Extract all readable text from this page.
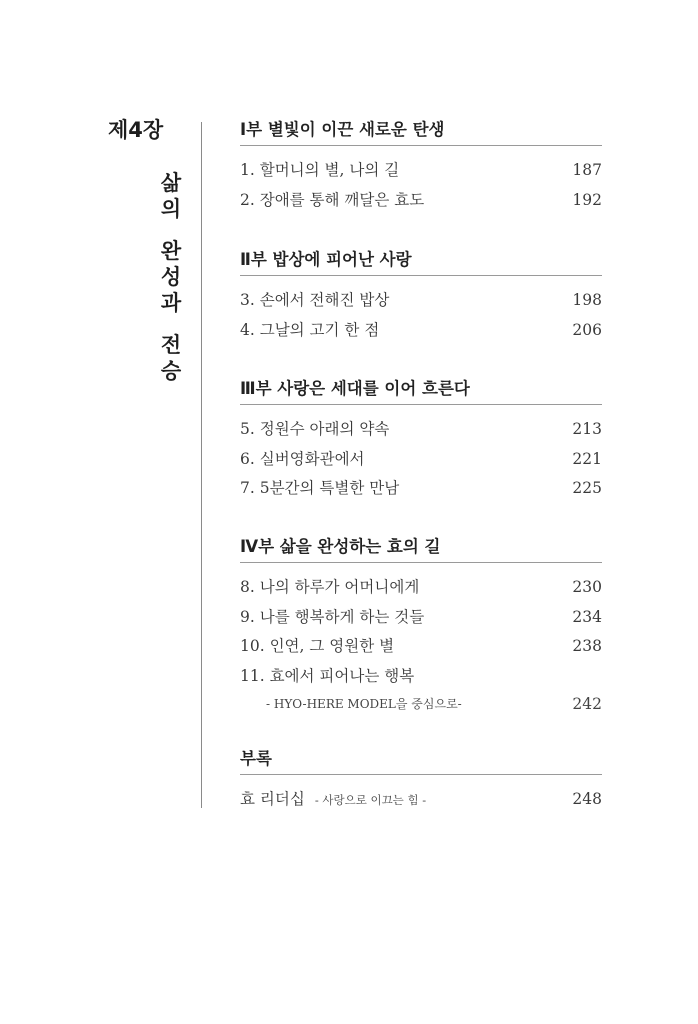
제4장
삶
의
완
성
과
전
승
Ⅰ부 별빛이 이끈 새로운 탄생
1. 할머니의 별, 나의 길	187
2. 장애를 통해 깨달은 효도	192
Ⅱ부 밥상에 피어난 사랑
3. 손에서 전해진 밥상	198
4. 그날의 고기 한 점	206
Ⅲ부 사랑은 세대를 이어 흐른다
5. 정원수 아래의 약속	213
6. 실버영화관에서	221
7. 5분간의 특별한 만남	225
Ⅳ부 삶을 완성하는 효의 길
8. 나의 하루가 어머니에게	230
9. 나를 행복하게 하는 것들	234
10. 인연, 그 영원한 별	238
11. 효에서 피어나는 행복
- HYO-HERE MODEL을 중심으로-	242
부록
효 리더십 - 사랑으로 이끄는 힘 -	248
